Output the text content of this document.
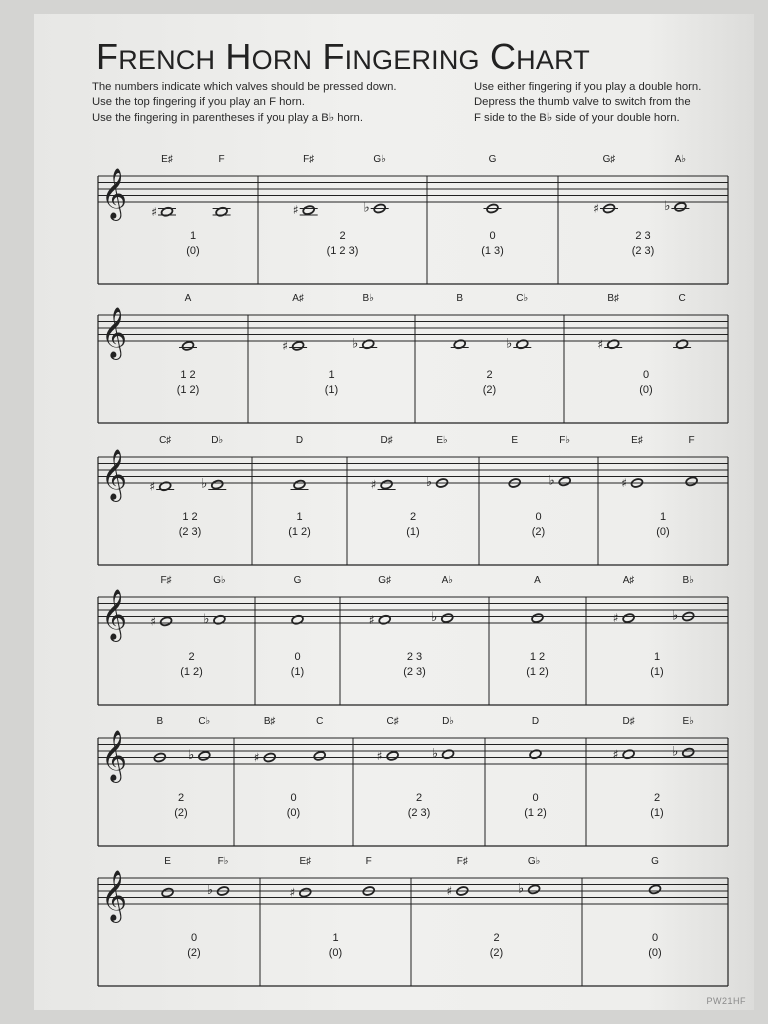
FRENCH HORN FINGERING CHART
The numbers indicate which valves should be pressed down.
Use the top fingering if you play an F horn.
Use the fingering in parentheses if you play a B♭ horn.
Use either fingering if you play a double horn.
Depress the thumb valve to switch from the
F side to the B♭ side of your double horn.
𝄞
E♯
♯
F
1
(0)
F♯
♯
G♭
♭
2
(1 2 3)
G
0
(1 3)
G♯
♯
A♭
♭
2 3
(2 3)
𝄞
A
1 2
(1 2)
A♯
♯
B♭
♭
1
(1)
B	C♭
♭
2
(2)
B♯
♯
C
0
(0)
𝄞
C♯
♯
D♭
♭
1 2
(2 3)
D
1
(1 2)
D♯
♯
E♭
♭
2
(1)
E	F♭
♭
0
(2)
E♯
♯
F
1
(0)
𝄞
F♯
♯
G♭
♭
2
(1 2)
G
0
(1)
G♯
♯
A♭
♭
2 3
(2 3)
A
1 2
(1 2)
A♯
♯
B♭
♭
1
(1)
𝄞
B	C♭
♭
2
(2)
B♯
♯
C
0
(0)
C♯
♯
D♭
♭
2
(2 3)
D
0
(1 2)
D♯
♯
E♭
♭
2
(1)
𝄞
E	F♭
♭
0
(2)
E♯
♯
F
1
(0)
F♯
♯
G♭
♭
2
(2)
G
0
(0)
PW21HF
